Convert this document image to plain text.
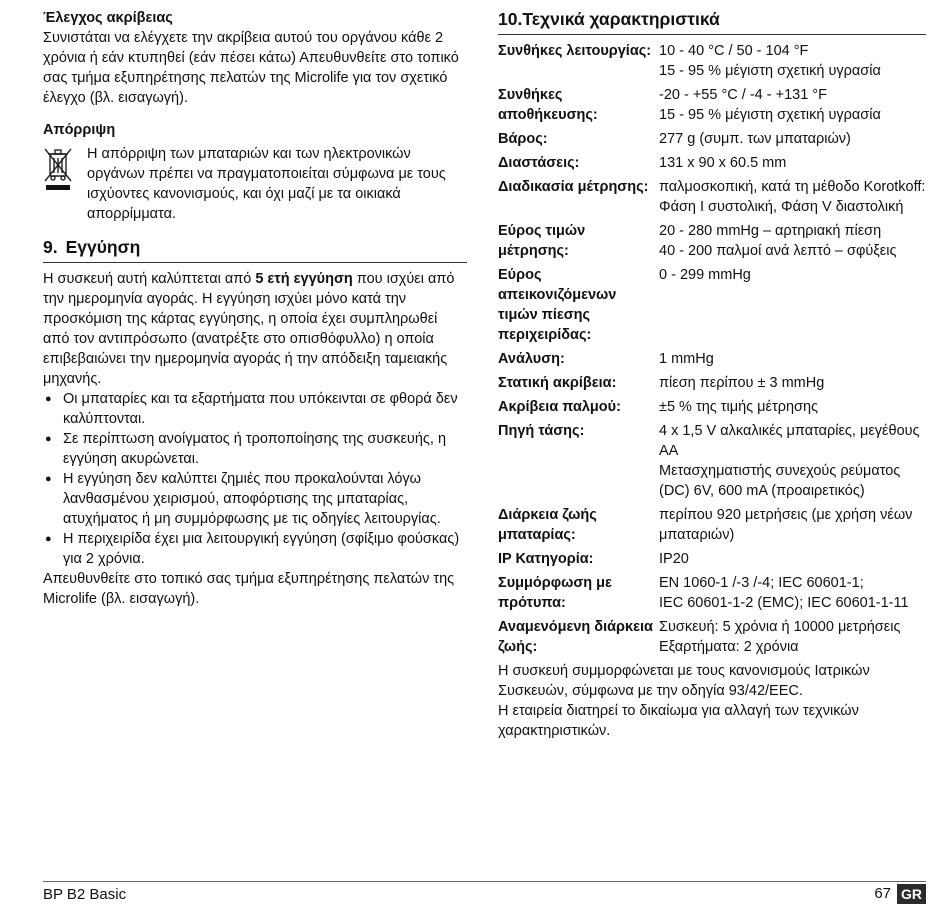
Έλεγχος ακρίβειας

Συνιστάται να ελέγχετε την ακρίβεια αυτού του οργάνου κάθε 2 χρόνια ή εάν κτυπηθεί (εάν πέσει κάτω) Απευθυνθείτε στο τοπικό σας τμήμα εξυπηρέτησης πελατών της Microlife για τον σχετικό έλεγχο (βλ. εισαγωγή).

Απόρριψη

Η απόρριψη των μπαταριών και των ηλεκτρονικών οργάνων πρέπει να πραγματοποιείται σύμφωνα με τους ισχύοντες κανονισμούς, και όχι μαζί με τα οικιακά απορρίμματα.

9. Εγγύηση

Η συσκευή αυτή καλύπτεται από 5 ετή εγγύηση που ισχύει από την ημερομηνία αγοράς. Η εγγύηση ισχύει μόνο κατά την προσκόμιση της κάρτας εγγύησης, η οποία έχει συμπληρωθεί από τον αντιπρόσωπο (ανατρέξτε στο οπισθόφυλλο) η οποία επιβεβαιώνει την ημερομηνία αγοράς ή την απόδειξη ταμειακής μηχανής.

● Οι μπαταρίες και τα εξαρτήματα που υπόκεινται σε φθορά δεν καλύπτονται.
● Σε περίπτωση ανοίγματος ή τροποποίησης της συσκευής, η εγγύηση ακυρώνεται.
● Η εγγύηση δεν καλύπτει ζημιές που προκαλούνται λόγω λανθασμένου χειρισμού, αποφόρτισης της μπαταρίας, ατυχήματος ή μη συμμόρφωσης με τις οδηγίες λειτουργίας.
● Η περιχειρίδα έχει μια λειτουργική εγγύηση (σφίξιμο φούσκας) για 2 χρόνια.

Απευθυνθείτε στο τοπικό σας τμήμα εξυπηρέτησης πελατών της Microlife (βλ. εισαγωγή).

10.Τεχνικά χαρακτηριστικά
Συνθήκες λειτουργίας:	10 - 40 °C / 50 - 104 °F
15 - 95 % μέγιστη σχετική υγρασία
Συνθήκες αποθήκευσης:	-20 - +55 °C / -4 - +131 °F
15 - 95 % μέγιστη σχετική υγρασία
Βάρος:	277 g (συμπ. των μπαταριών)
Διαστάσεις:	131 x 90 x 60.5 mm
Διαδικασία μέτρησης:	παλμοσκοπική, κατά τη μέθοδο Korotkoff: Φάση I συστολική, Φάση V διαστολική
Εύρος τιμών μέτρησης:	20 - 280 mmHg – αρτηριακή πίεση
40 - 200 παλμοί ανά λεπτό – σφύξεις
Εύρος απεικονιζόμενων τιμών πίεσης περιχειρίδας:	0 - 299 mmHg
Ανάλυση:	1 mmHg
Στατική ακρίβεια:	πίεση περίπου ± 3 mmHg
Ακρίβεια παλμού:	±5 % της τιμής μέτρησης
Πηγή τάσης:	4 x 1,5 V αλκαλικές μπαταρίες, μεγέθους AA
Μετασχηματιστής συνεχούς ρεύματος (DC) 6V, 600 mA (προαιρετικός)
Διάρκεια ζωής μπαταρίας:	περίπου 920 μετρήσεις (με χρήση νέων μπαταριών)
IP Κατηγορία:	IP20
Συμμόρφωση με πρότυπα:	EN 1060-1 /-3 /-4; IEC 60601-1;
IEC 60601-1-2 (EMC); IEC 60601-1-11
Αναμενόμενη διάρκεια ζωής:	Συσκευή: 5 χρόνια ή 10000 μετρήσεις
Εξαρτήματα: 2 χρόνια

Η συσκευή συμμορφώνεται με τους κανονισμούς Ιατρικών Συσκευών, σύμφωνα με την οδηγία 93/42/EEC.

Η εταιρεία διατηρεί το δικαίωμα για αλλαγή των τεχνικών χαρακτηριστικών.

BP B2 Basic	67 GR
